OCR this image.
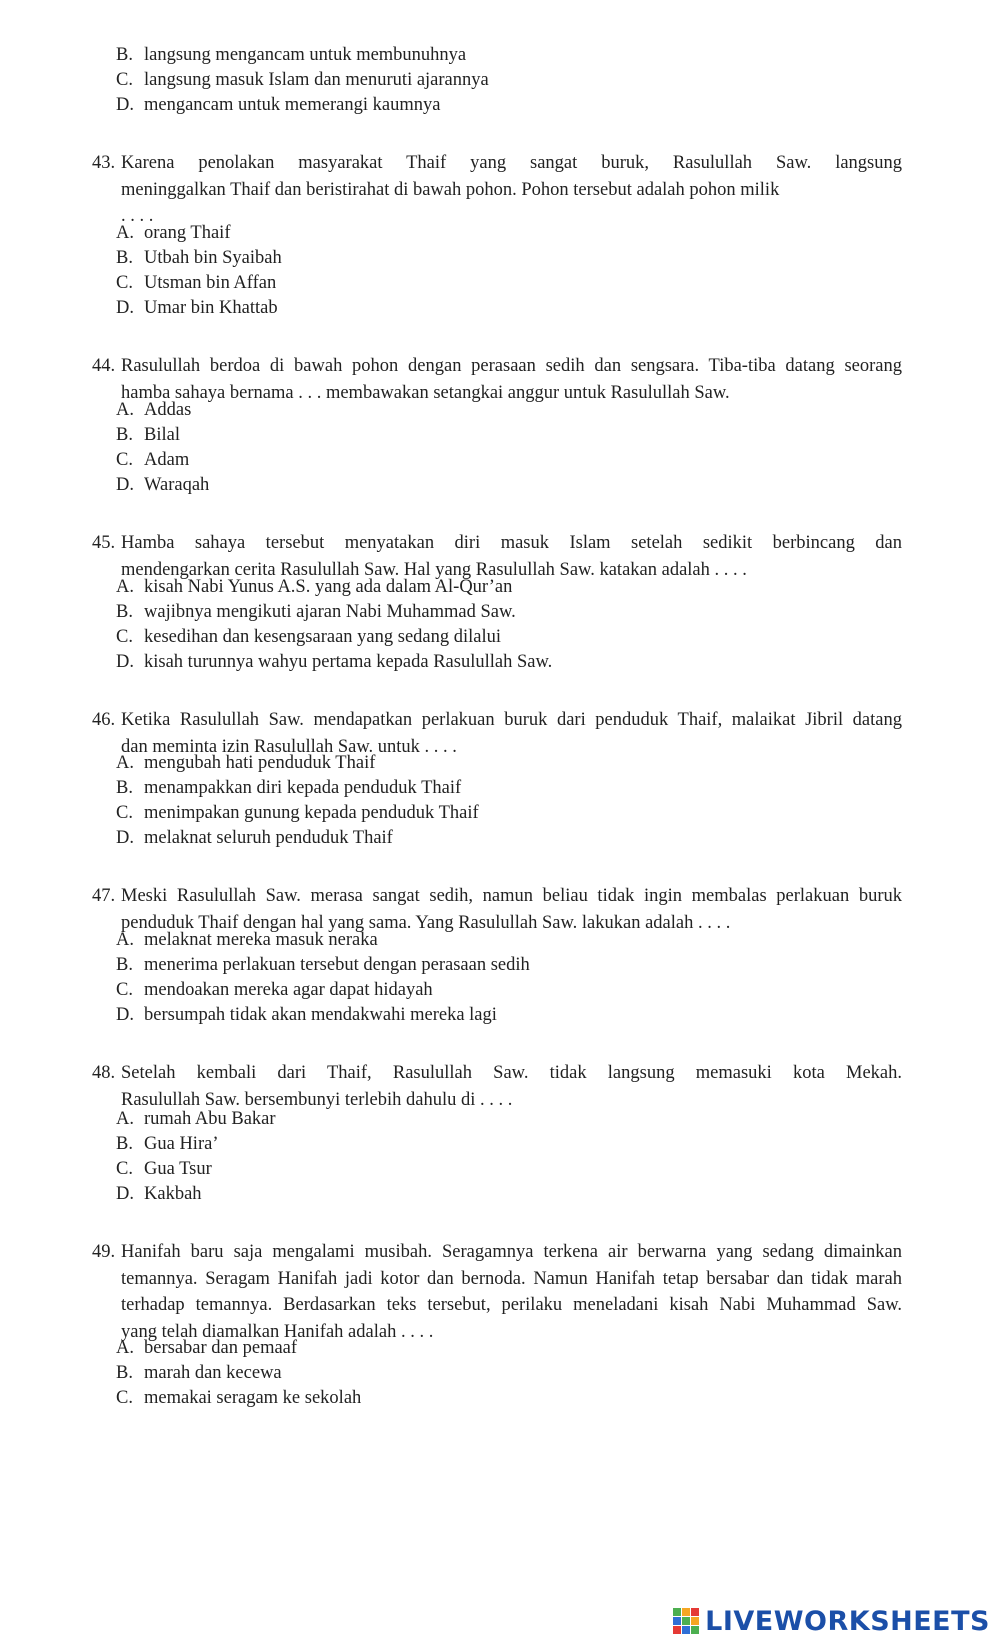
B. langsung mengancam untuk membunuhnya
C. langsung masuk Islam dan menuruti ajarannya
D. mengancam untuk memerangi kaumnya
43. Karena penolakan masyarakat Thaif yang sangat buruk, Rasulullah Saw. langsung
meninggalkan Thaif dan beristirahat di bawah pohon. Pohon tersebut adalah pohon milik
. . . .
A. orang Thaif
B. Utbah bin Syaibah
C. Utsman bin Affan
D. Umar bin Khattab
44. Rasulullah berdoa di bawah pohon dengan perasaan sedih dan sengsara. Tiba-tiba datang seorang
hamba sahaya bernama . . . membawakan setangkai anggur untuk Rasulullah Saw.
A. Addas
B. Bilal
C. Adam
D. Waraqah
45. Hamba sahaya tersebut menyatakan diri masuk Islam setelah sedikit berbincang dan
mendengarkan cerita Rasulullah Saw. Hal yang Rasulullah Saw. katakan adalah . . . .
A. kisah Nabi Yunus A.S. yang ada dalam Al-Qur’an
B. wajibnya mengikuti ajaran Nabi Muhammad Saw.
C. kesedihan dan kesengsaraan yang sedang dilalui
D. kisah turunnya wahyu pertama kepada Rasulullah Saw.
46. Ketika Rasulullah Saw. mendapatkan perlakuan buruk dari penduduk Thaif, malaikat Jibril datang
dan meminta izin Rasulullah Saw. untuk . . . .
A. mengubah hati penduduk Thaif
B. menampakkan diri kepada penduduk Thaif
C. menimpakan gunung kepada penduduk Thaif
D. melaknat seluruh penduduk Thaif
47. Meski Rasulullah Saw. merasa sangat sedih, namun beliau tidak ingin membalas perlakuan buruk
penduduk Thaif dengan hal yang sama. Yang Rasulullah Saw. lakukan adalah . . . .
A. melaknat mereka masuk neraka
B. menerima perlakuan tersebut dengan perasaan sedih
C. mendoakan mereka agar dapat hidayah
D. bersumpah tidak akan mendakwahi mereka lagi
48. Setelah kembali dari Thaif, Rasulullah Saw. tidak langsung memasuki kota Mekah.
Rasulullah Saw. bersembunyi terlebih dahulu di . . . .
A. rumah Abu Bakar
B. Gua Hira’
C. Gua Tsur
D. Kakbah
49. Hanifah baru saja mengalami musibah. Seragamnya terkena air berwarna yang sedang dimainkan
temannya. Seragam Hanifah jadi kotor dan bernoda. Namun Hanifah tetap bersabar dan tidak marah
terhadap temannya. Berdasarkan teks tersebut, perilaku meneladani kisah Nabi Muhammad Saw.
yang telah diamalkan Hanifah adalah . . . .
A. bersabar dan pemaaf
B. marah dan kecewa
C. memakai seragam ke sekolah
LIVEWORKSHEETS
